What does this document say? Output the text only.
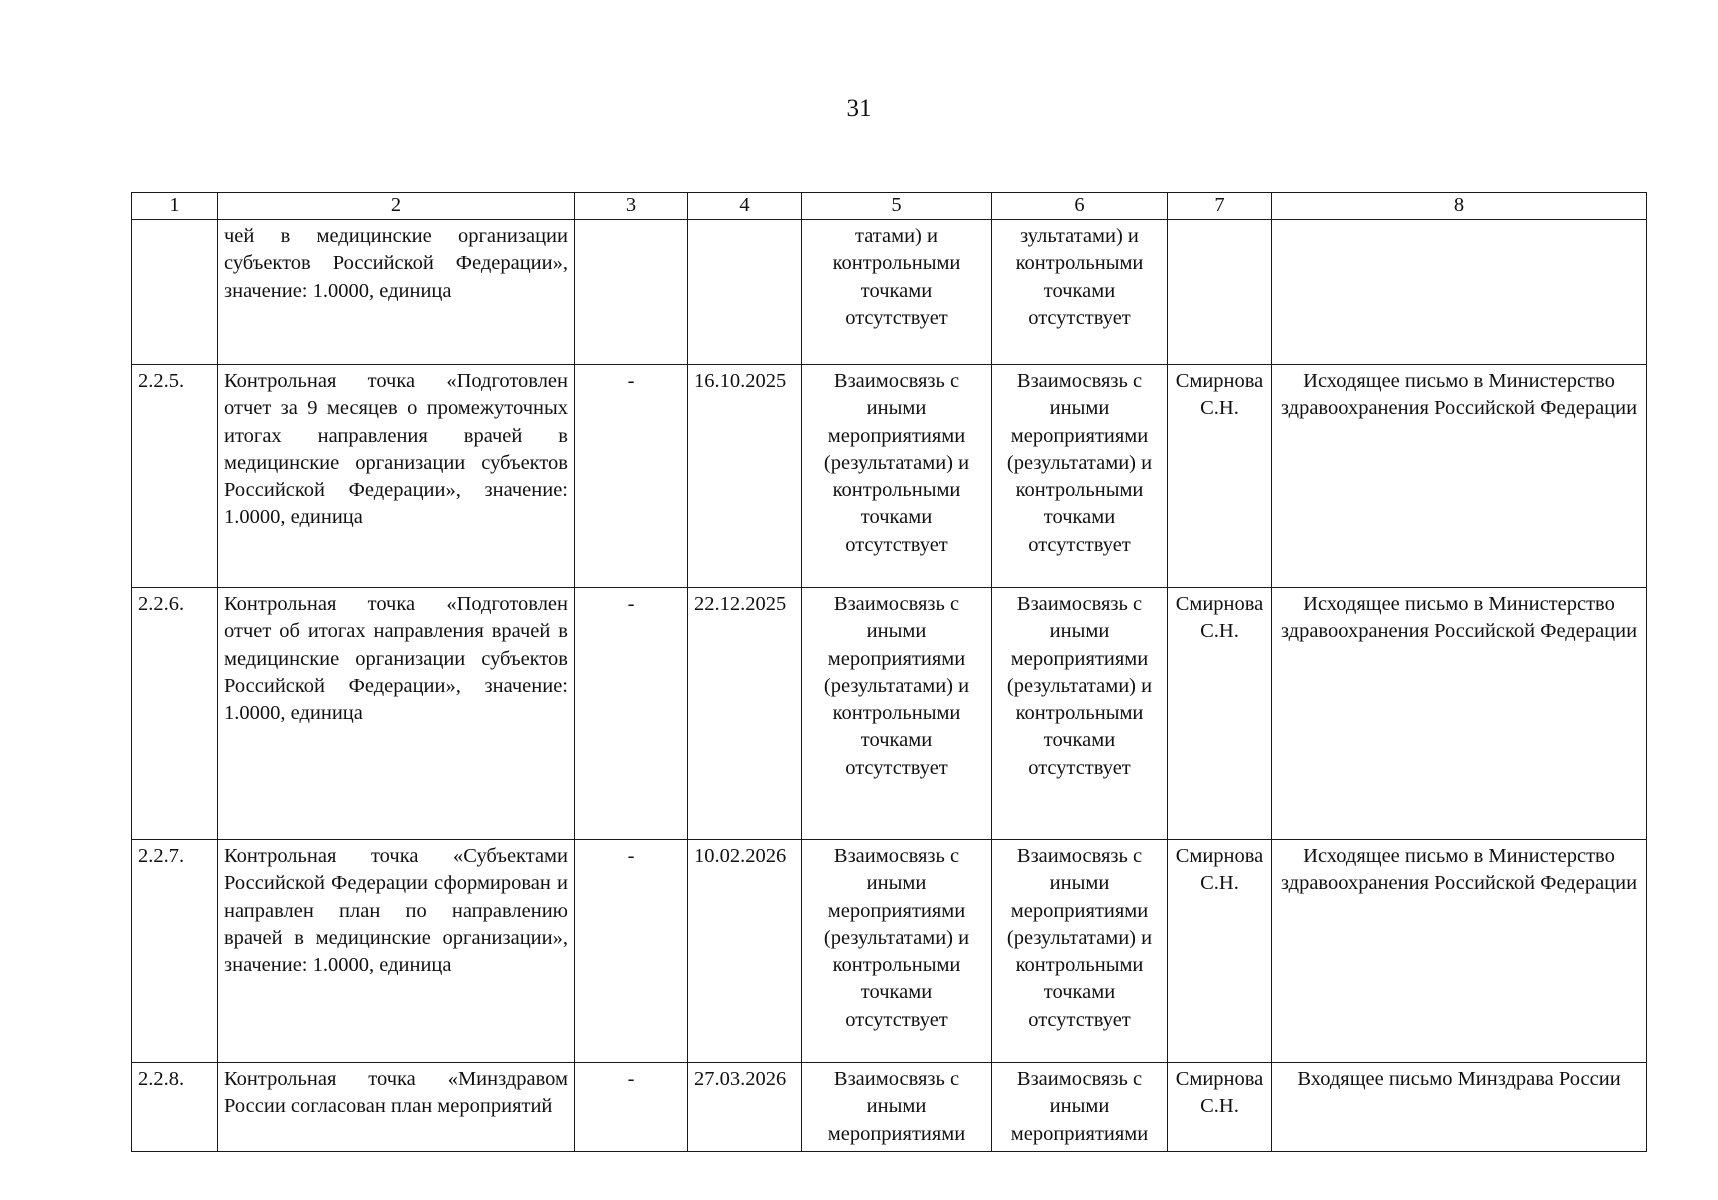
31
1	2	3	4	5	6	7	8
	чей в медицинские организации субъектов Российской Федерации», значение: 1.0000, единица			татами) и контрольными точками отсутствует	зультатами) и контрольными точками отсутствует		
2.2.5.	Контрольная точка «Подготовлен отчет за 9 месяцев о промежуточных итогах направления врачей в медицинские организации субъектов Российской Федерации», значение: 1.0000, единица	-	16.10.2025	Взаимосвязь с иными мероприятиями (результатами) и контрольными точками отсутствует	Взаимосвязь с иными мероприятиями (результатами) и контрольными точками отсутствует	Смирнова С.Н.	Исходящее письмо в Министерство здравоохранения Российской Федерации
2.2.6.	Контрольная точка «Подготовлен отчет об итогах направления врачей в медицинские организации субъектов Российской Федерации», значение: 1.0000, единица	-	22.12.2025	Взаимосвязь с иными мероприятиями (результатами) и контрольными точками отсутствует	Взаимосвязь с иными мероприятиями (результатами) и контрольными точками отсутствует	Смирнова С.Н.	Исходящее письмо в Министерство здравоохранения Российской Федерации
2.2.7.	Контрольная точка «Субъектами Российской Федерации сформирован и направлен план по направлению врачей в медицинские организации», значение: 1.0000, единица	-	10.02.2026	Взаимосвязь с иными мероприятиями (результатами) и контрольными точками отсутствует	Взаимосвязь с иными мероприятиями (результатами) и контрольными точками отсутствует	Смирнова С.Н.	Исходящее письмо в Министерство здравоохранения Российской Федерации
2.2.8.	Контрольная точка «Минздравом России согласован план мероприятий	-	27.03.2026	Взаимосвязь с иными мероприятиями	Взаимосвязь с иными мероприятиями	Смирнова С.Н.	Входящее письмо Минздрава России
